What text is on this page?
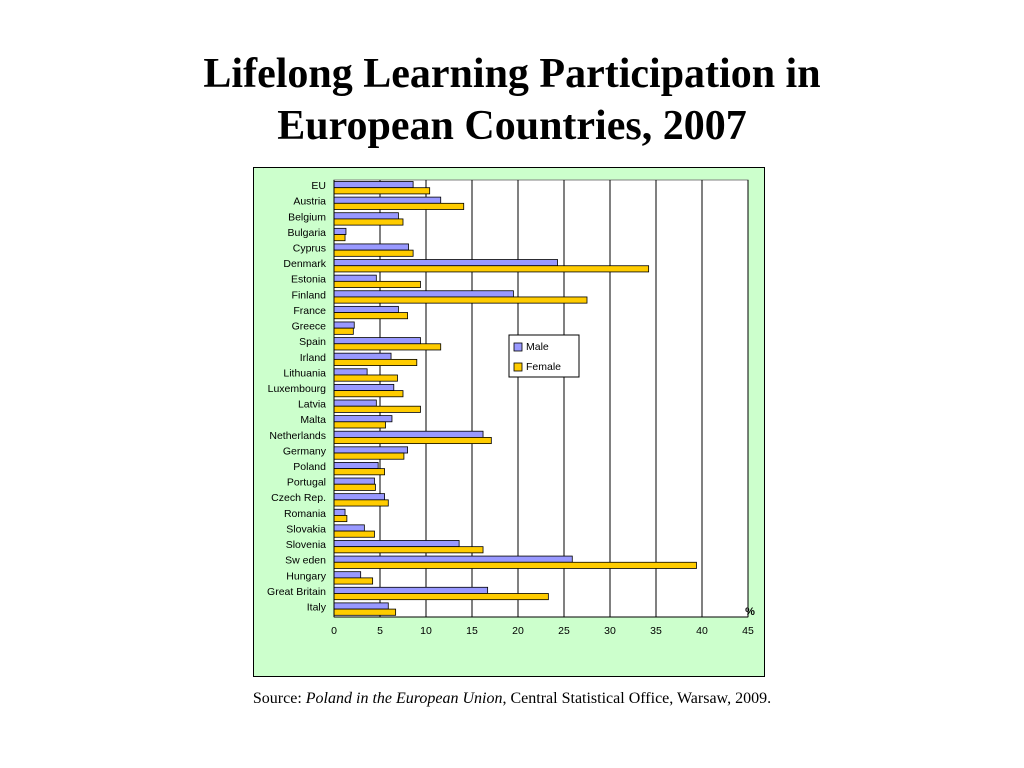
Lifelong Learning Participation in
European Countries, 2007
EU
Austria
Belgium
Bulgaria
Cyprus
Denmark
Estonia
Finland
France
Greece
Spain
Irland
Lithuania
Luxembourg
Latvia
Malta
Netherlands
Germany
Poland
Portugal
Czech Rep.
Romania
Slovakia
Slovenia
Sw eden
Hungary
Great Britain
Italy
0	5	10	15	20	25	30	35	40	45
%
Male
Female
Source: Poland in the European Union, Central Statistical Office, Warsaw, 2009.
